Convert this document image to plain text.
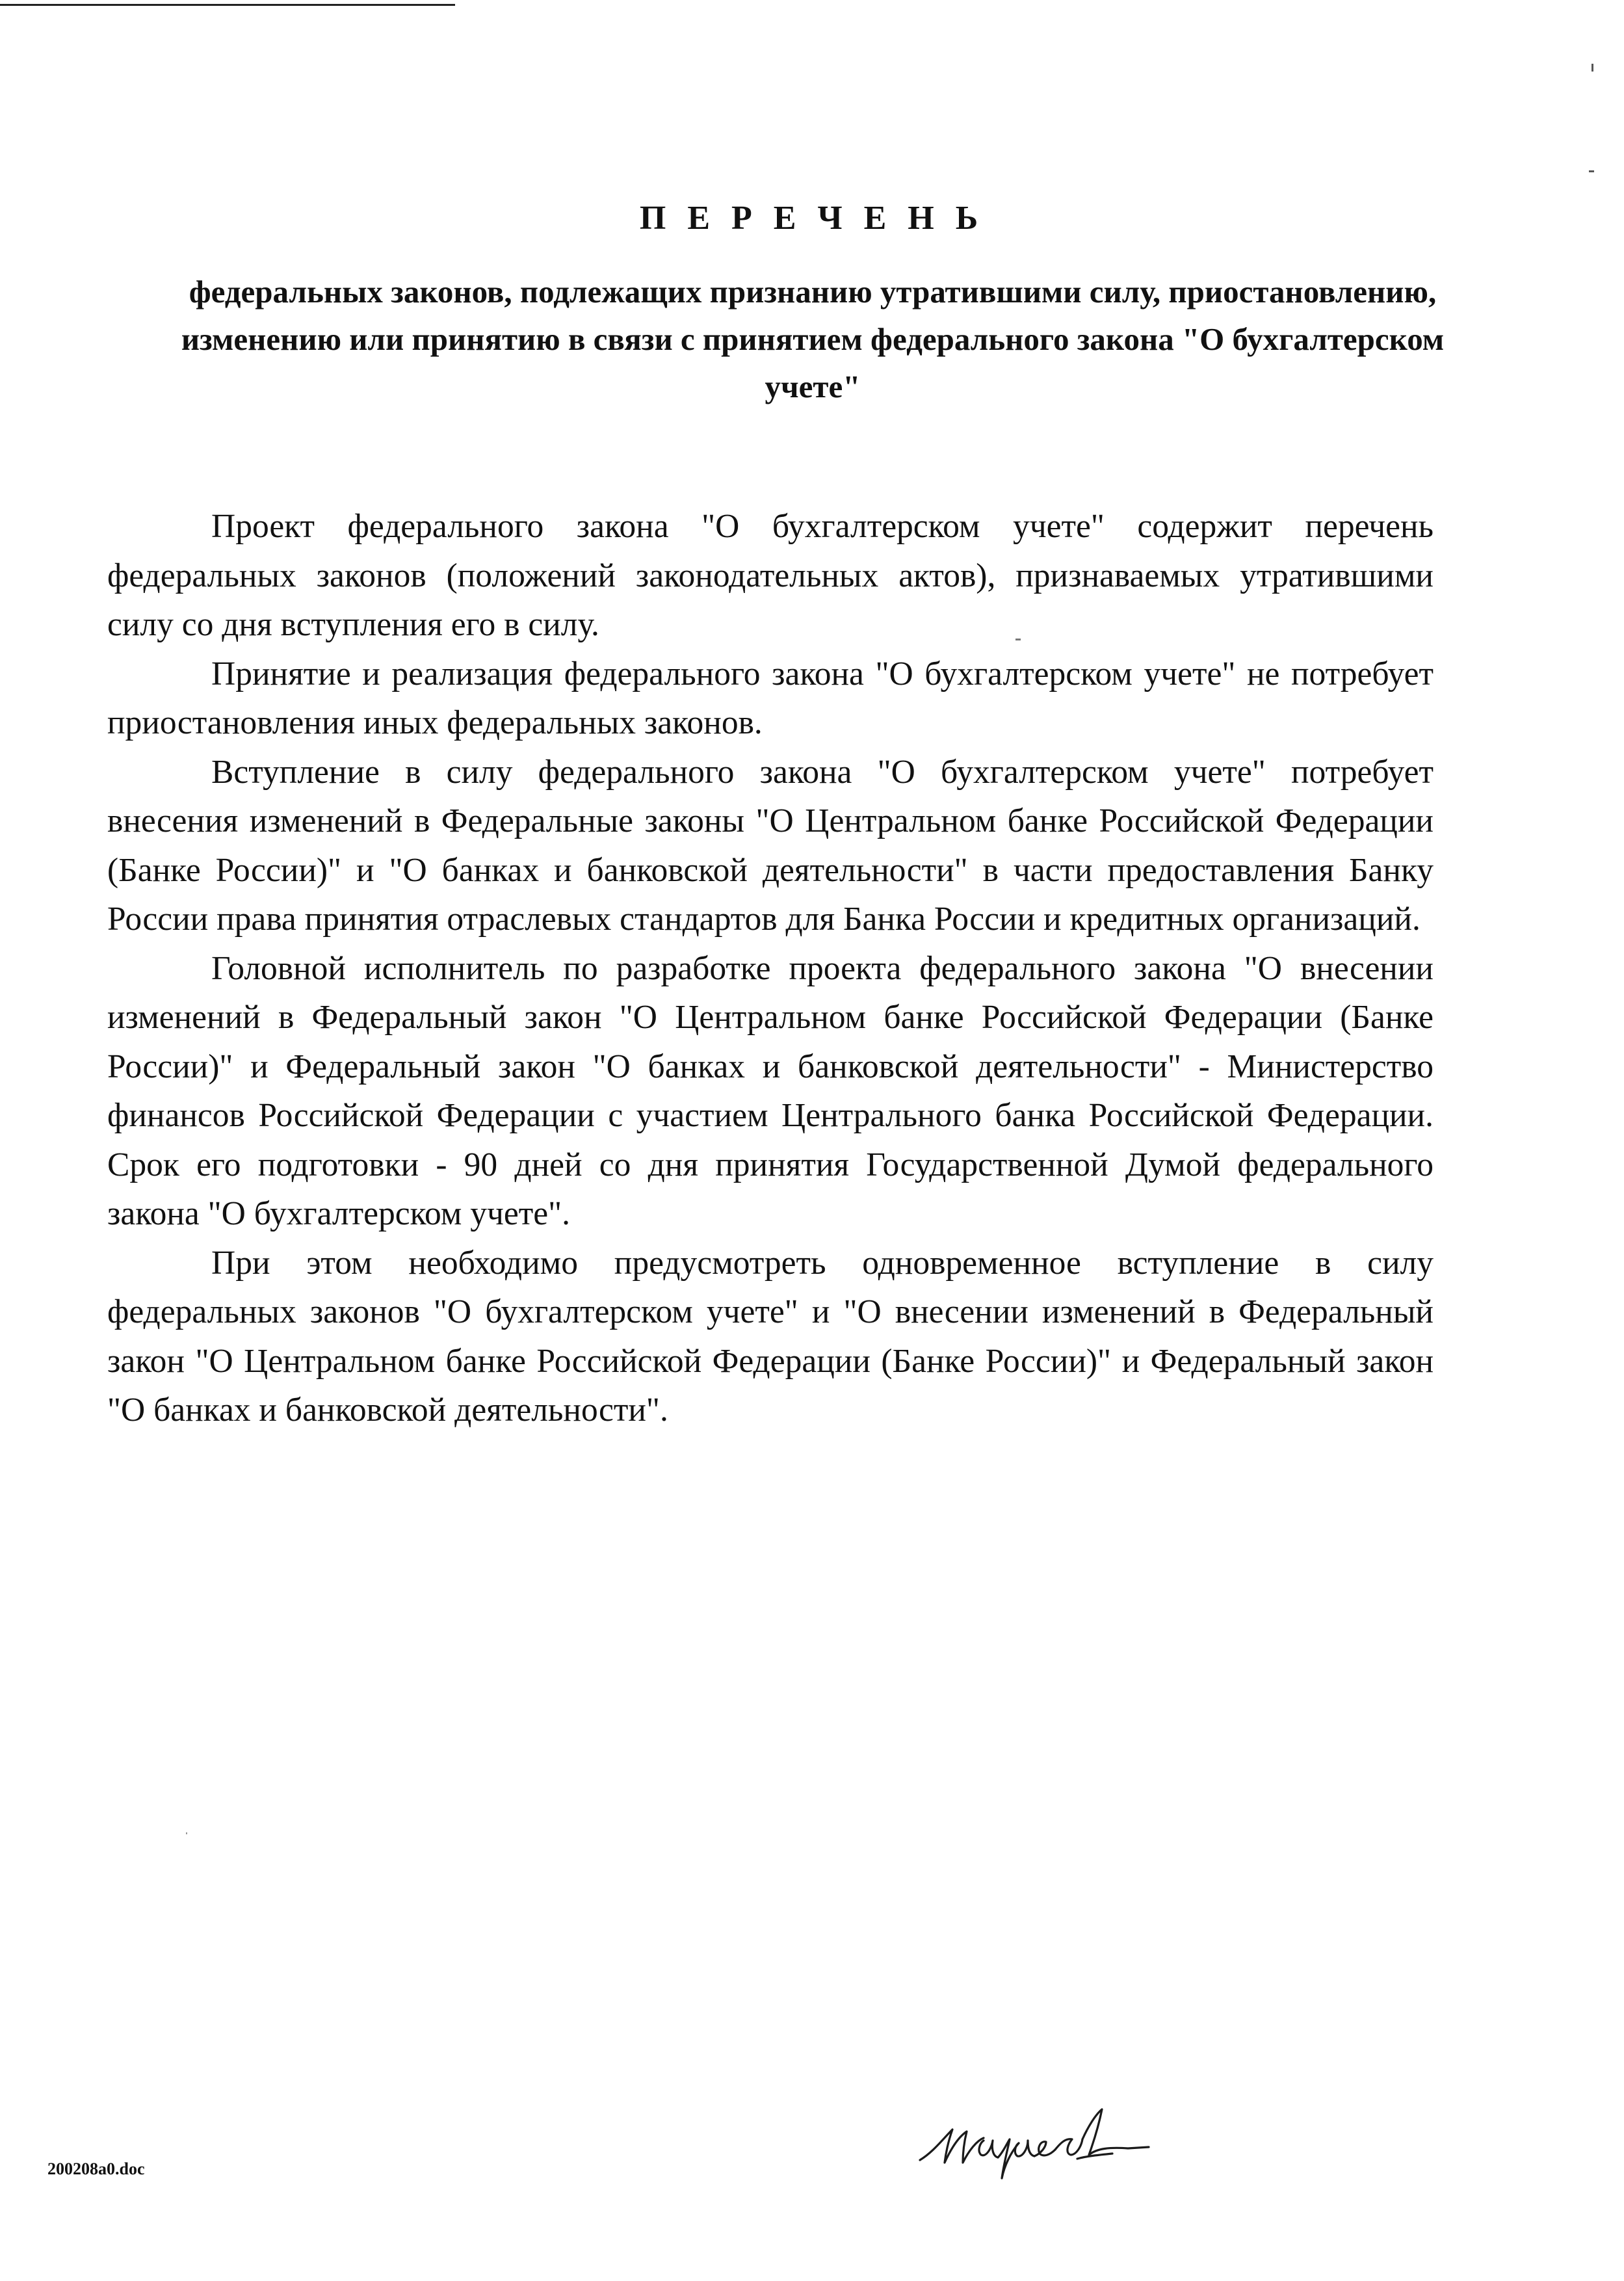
П Е Р Е Ч Е Н Ь
федеральных законов, подлежащих признанию утратившими силу, приостановлению, изменению или принятию в связи с принятием федерального закона "О бухгалтерском учете"

Проект федерального закона "О бухгалтерском учете" содержит перечень федеральных законов (положений законодательных актов), признаваемых утратившими силу со дня вступления его в силу.

Принятие и реализация федерального закона "О бухгалтерском учете" не потребует приостановления иных федеральных законов.

Вступление в силу федерального закона "О бухгалтерском учете" потребует внесения изменений в Федеральные законы "О Центральном банке Российской Федерации (Банке России)" и "О банках и банковской деятельности" в части предоставления Банку России права принятия отраслевых стандартов для Банка России и кредитных организаций.

Головной исполнитель по разработке проекта федерального закона "О внесении изменений в Федеральный закон "О Центральном банке Российской Федерации (Банке России)" и Федеральный закон "О банках и банковской деятельности" - Министерство финансов Российской Федерации с участием Центрального банка Российской Федерации. Срок его подготовки - 90 дней со дня принятия Государственной Думой федерального закона "О бухгалтерском учете".

При этом необходимо предусмотреть одновременное вступление в силу федеральных законов "О бухгалтерском учете" и "О внесении изменений в Федеральный закон "О Центральном банке Российской Федерации (Банке России)" и Федеральный закон "О банках и банковской деятельности".

200208a0.doc
